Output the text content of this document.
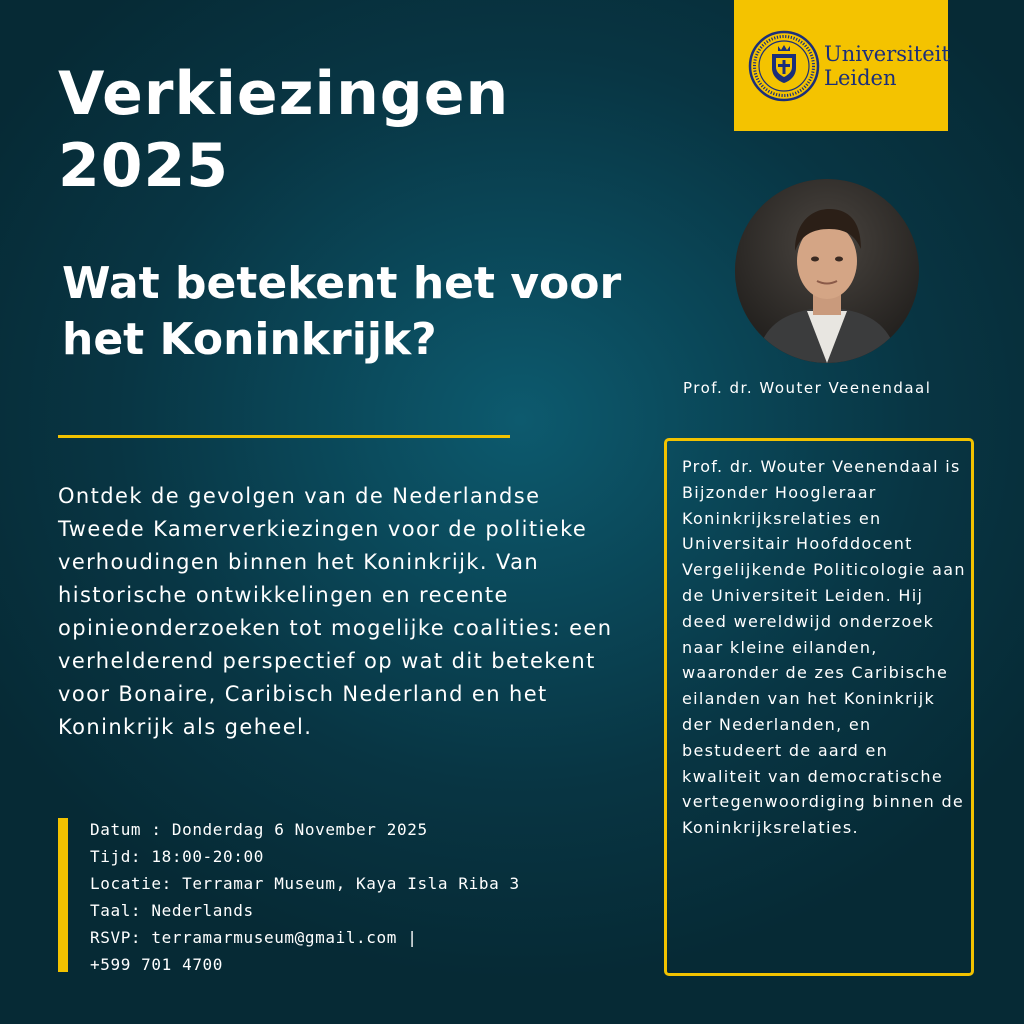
Verkiezingen 2025
Wat betekent het voor het Koninkrijk?

Ontdek de gevolgen van de Nederlandse Tweede Kamerverkiezingen voor de politieke verhoudingen binnen het Koninkrijk. Van historische ontwikkelingen en recente opinieonderzoeken tot mogelijke coalities: een verhelderend perspectief op wat dit betekent voor Bonaire, Caribisch Nederland en het Koninkrijk als geheel.

Datum : Donderdag 6 November 2025
Tijd: 18:00-20:00
Locatie: Terramar Museum, Kaya Isla Riba 3
Taal: Nederlands
RSVP: terramarmuseum@gmail.com |
+599 701 4700

Universiteit
Leiden

Prof. dr. Wouter Veenendaal

Prof. dr. Wouter Veenendaal is Bijzonder Hoogleraar Koninkrijksrelaties en Universitair Hoofddocent Vergelijkende Politicologie aan de Universiteit Leiden. Hij deed wereldwijd onderzoek naar kleine eilanden, waaronder de zes Caribische eilanden van het Koninkrijk der Nederlanden, en bestudeert de aard en kwaliteit van democratische vertegenwoordiging binnen de Koninkrijksrelaties.
